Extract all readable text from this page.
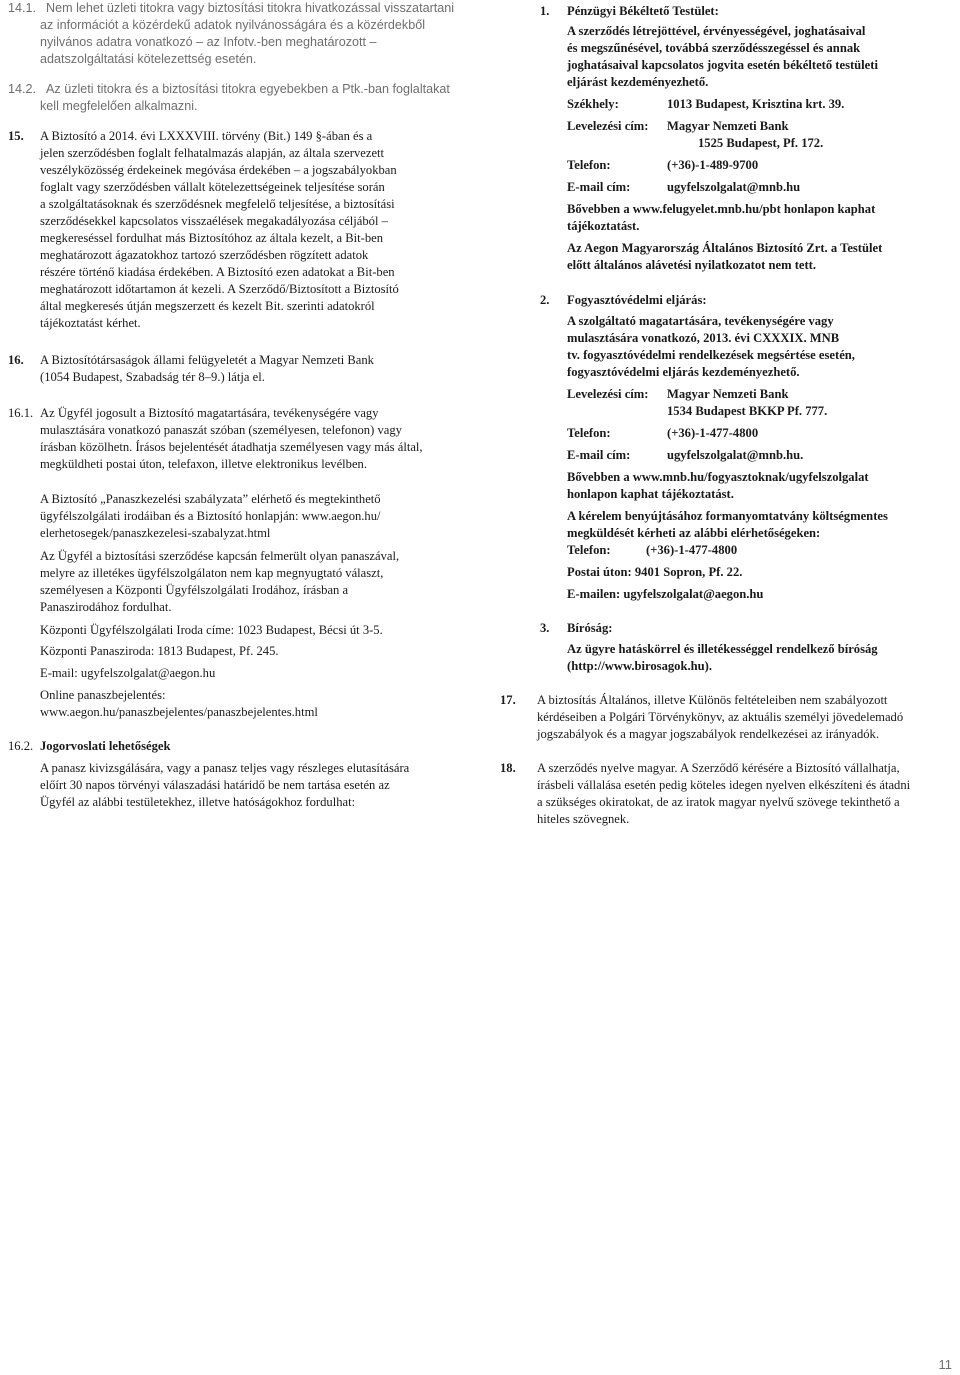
14.1. Nem lehet üzleti titokra vagy biztosítási titokra hivatkozással visszatartani
az információt a közérdekű adatok nyilvánosságára és a közérdekből
nyilvános adatra vonatkozó – az Infotv.-ben meghatározott –
adatszolgáltatási kötelezettség esetén.
14.2. Az üzleti titokra és a biztosítási titokra egyebekben a Ptk.-ban foglaltakat
kell megfelelően alkalmazni.
15. A Biztosító a 2014. évi LXXXVIII. törvény (Bit.) 149 §-ában és a
jelen szerződésben foglalt felhatalmazás alapján, az általa szervezett
veszélyközösség érdekeinek megóvása érdekében – a jogszabályokban
foglalt vagy szerződésben vállalt kötelezettségeinek teljesítése során
a szolgáltatásoknak és szerződésnek megfelelő teljesítése, a biztosítási
szerződésekkel kapcsolatos visszaélések megakadályozása céljából –
megkereséssel fordulhat más Biztosítóhoz az általa kezelt, a Bit-ben
meghatározott ágazatokhoz tartozó szerződésben rögzített adatok
részére történő kiadása érdekében. A Biztosító ezen adatokat a Bit-ben
meghatározott időtartamon át kezeli. A Szerződő/Biztosított a Biztosító
által megkeresés útján megszerzett és kezelt Bit. szerinti adatokról
tájékoztatást kérhet.
16. A Biztosítótársaságok állami felügyeletét a Magyar Nemzeti Bank
(1054 Budapest, Szabadság tér 8–9.) látja el.
16.1. Az Ügyfél jogosult a Biztosító magatartására, tevékenységére vagy
mulasztására vonatkozó panaszát szóban (személyesen, telefonon) vagy
írásban közölhetn. Írásos bejelentését átadhatja személyesen vagy más által,
megküldheti postai úton, telefaxon, illetve elektronikus levélben.
A Biztosító „Panaszkezelési szabályzata” elérhető és megtekinthető
ügyfélszolgálati irodáiban és a Biztosító honlapján: www.aegon.hu/
elerhetosegek/panaszkezelesi-szabalyzat.html
Az Ügyfél a biztosítási szerződése kapcsán felmerült olyan panaszával,
melyre az illetékes ügyfélszolgálaton nem kap megnyugtató választ,
személyesen a Központi Ügyfélszolgálati Irodához, írásban a
Panaszirodához fordulhat.
Központi Ügyfélszolgálati Iroda címe: 1023 Budapest, Bécsi út 3-5.
Központi Panasziroda: 1813 Budapest, Pf. 245.
E-mail: ugyfelszolgalat@aegon.hu
Online panaszbejelentés:
www.aegon.hu/panaszbejelentes/panaszbejelentes.html
16.2. Jogorvoslati lehetőségek
A panasz kivizsgálására, vagy a panasz teljes vagy részleges elutasítására
előírt 30 napos törvényi válaszadási határidő be nem tartása esetén az
Ügyfél az alábbi testületekhez, illetve hatóságokhoz fordulhat:
1. Pénzügyi Békéltető Testület:
A szerződés létrejöttével, érvényességével, joghatásaival
és megszűnésével, továbbá szerződésszegéssel és annak
joghatásaival kapcsolatos jogvita esetén békéltető testületi
eljárást kezdeményezhető.
Székhely:	1013 Budapest, Krisztina krt. 39.
Levelezési cím: Magyar Nemzeti Bank
1525 Budapest, Pf. 172.
Telefon:	(+36)-1-489-9700
E-mail cím:	ugyfelszolgalat@mnb.hu
Bővebben a www.felugyelet.mnb.hu/pbt honlapon kaphat
tájékoztatást.
Az Aegon Magyarország Általános Biztosító Zrt. a Testület
előtt általános alávetési nyilatkozatot nem tett.
2. Fogyasztóvédelmi eljárás:
A szolgáltató magatartására, tevékenységére vagy
mulasztására vonatkozó, 2013. évi CXXXIX. MNB
tv. fogyasztóvédelmi rendelkezések megsértése esetén,
fogyasztóvédelmi eljárás kezdeményezhető.
Levelezési cím: Magyar Nemzeti Bank
1534 Budapest BKKP Pf. 777.
Telefon:	(+36)-1-477-4800
E-mail cím:	ugyfelszolgalat@mnb.hu.
Bővebben a www.mnb.hu/fogyasztoknak/ugyfelszolgalat
honlapon kaphat tájékoztatást.
A kérelem benyújtásához formanyomtatvány költségmentes
megküldését kérheti az alábbi elérhetőségeken:
Telefon:	(+36)-1-477-4800
Postai úton: 9401 Sopron, Pf. 22.
E-mailen: ugyfelszolgalat@aegon.hu
3. Bíróság:
Az ügyre hatáskörrel és illetékességgel rendelkező bíróság
(http://www.birosagok.hu).
17. A biztosítás Általános, illetve Különös feltételeiben nem szabályozott
kérdéseiben a Polgári Törvénykönyv, az aktuális személyi jövedelemadó
jogszabályok és a magyar jogszabályok rendelkezései az irányadók.
18. A szerződés nyelve magyar. A Szerződő kérésére a Biztosító vállalhatja,
írásbeli vállalása esetén pedig köteles idegen nyelven elkészíteni és átadni
a szükséges okiratokat, de az iratok magyar nyelvű szövege tekinthető a
hiteles szövegnek.
11
